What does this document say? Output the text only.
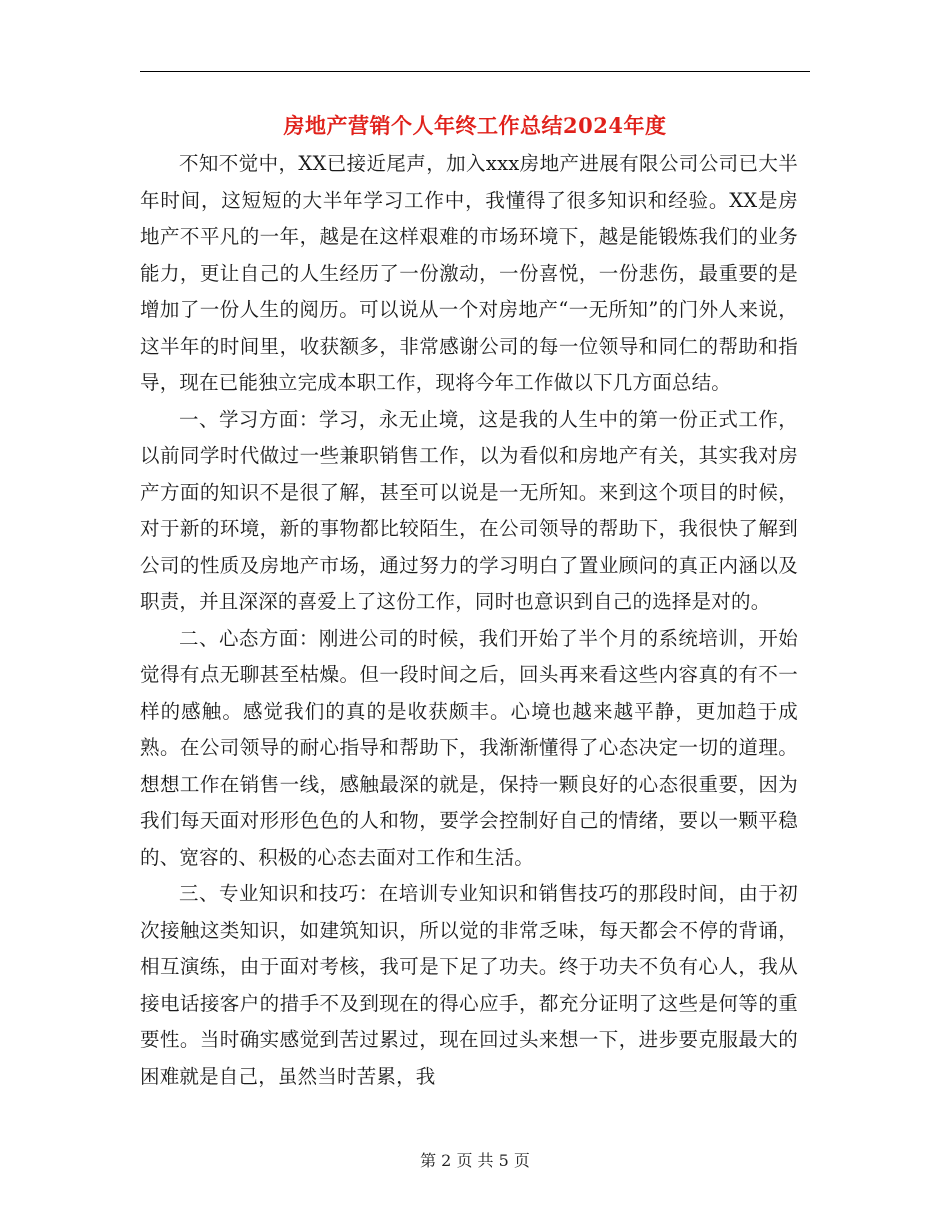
房地产营销个人年终工作总结2024年度

不知不觉中，XX已接近尾声，加入xxx房地产进展有限公司公司已大半年时间，这短短的大半年学习工作中，我懂得了很多知识和经验。XX是房地产不平凡的一年，越是在这样艰难的市场环境下，越是能锻炼我们的业务能力，更让自己的人生经历了一份激动，一份喜悦，一份悲伤，最重要的是增加了一份人生的阅历。可以说从一个对房地产“一无所知”的门外人来说，这半年的时间里，收获额多，非常感谢公司的每一位领导和同仁的帮助和指导，现在已能独立完成本职工作，现将今年工作做以下几方面总结。

一、学习方面：学习，永无止境，这是我的人生中的第一份正式工作，以前同学时代做过一些兼职销售工作，以为看似和房地产有关，其实我对房产方面的知识不是很了解，甚至可以说是一无所知。来到这个项目的时候，对于新的环境，新的事物都比较陌生，在公司领导的帮助下，我很快了解到公司的性质及房地产市场，通过努力的学习明白了置业顾问的真正内涵以及职责，并且深深的喜爱上了这份工作，同时也意识到自己的选择是对的。

二、心态方面：刚进公司的时候，我们开始了半个月的系统培训，开始觉得有点无聊甚至枯燥。但一段时间之后，回头再来看这些内容真的有不一样的感触。感觉我们的真的是收获颇丰。心境也越来越平静，更加趋于成熟。在公司领导的耐心指导和帮助下，我渐渐懂得了心态决定一切的道理。想想工作在销售一线，感触最深的就是，保持一颗良好的心态很重要，因为我们每天面对形形色色的人和物，要学会控制好自己的情绪，要以一颗平稳的、宽容的、积极的心态去面对工作和生活。

三、专业知识和技巧：在培训专业知识和销售技巧的那段时间，由于初次接触这类知识，如建筑知识，所以觉的非常乏味，每天都会不停的背诵，相互演练，由于面对考核，我可是下足了功夫。终于功夫不负有心人，我从接电话接客户的措手不及到现在的得心应手，都充分证明了这些是何等的重要性。当时确实感觉到苦过累过，现在回过头来想一下，进步要克服最大的困难就是自己，虽然当时苦累，我

第 2 页 共 5 页
